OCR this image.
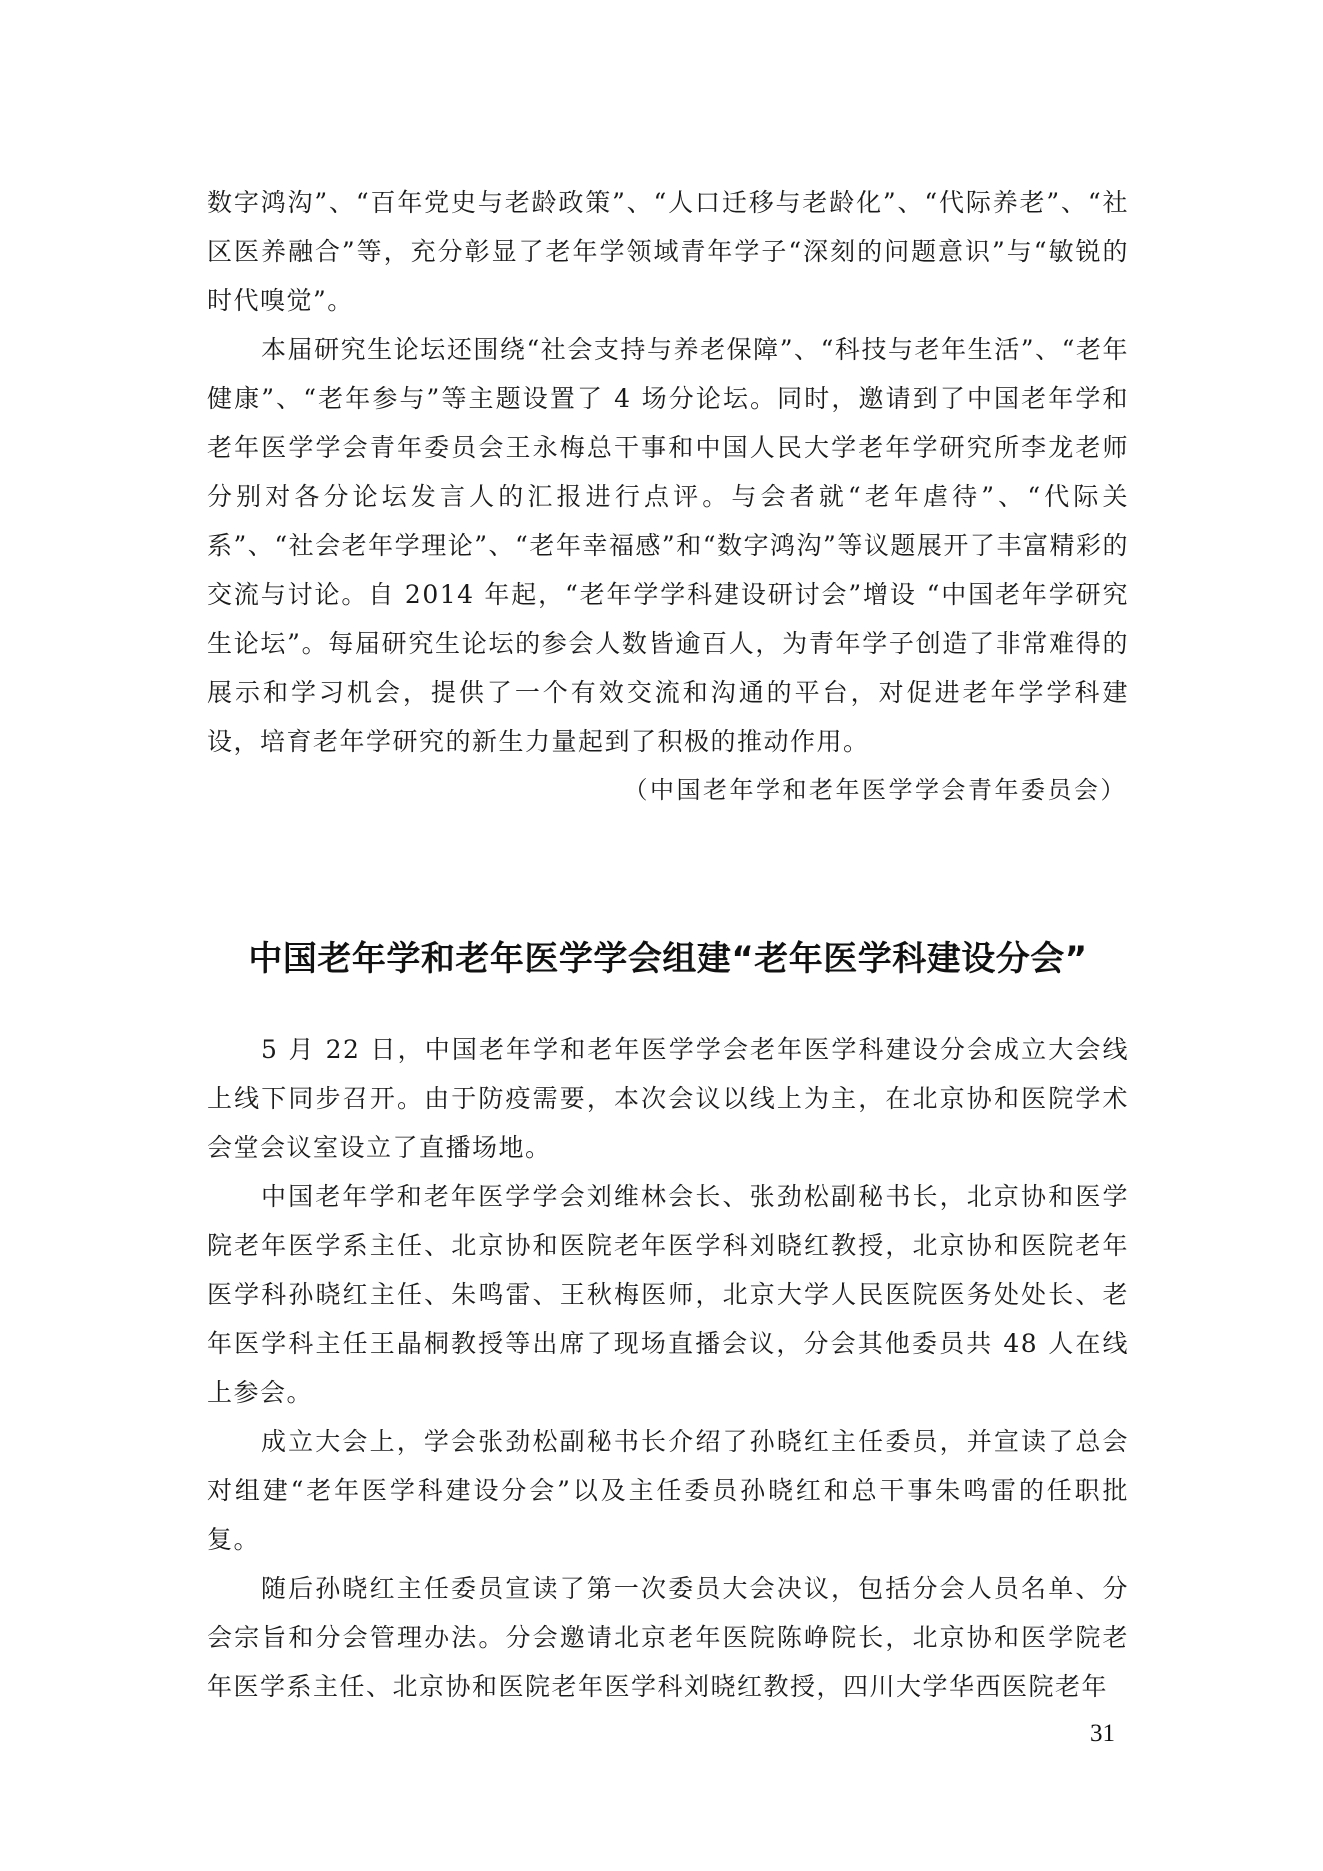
数字鸿沟”、“百年党史与老龄政策”、“人口迁移与老龄化”、“代际养老”、“社区医养融合”等，充分彰显了老年学领域青年学子“深刻的问题意识”与“敏锐的时代嗅觉”。

本届研究生论坛还围绕“社会支持与养老保障”、“科技与老年生活”、“老年健康”、“老年参与”等主题设置了 4 场分论坛。同时，邀请到了中国老年学和老年医学学会青年委员会王永梅总干事和中国人民大学老年学研究所李龙老师分别对各分论坛发言人的汇报进行点评。与会者就“老年虐待”、“代际关系”、“社会老年学理论”、“老年幸福感”和“数字鸿沟”等议题展开了丰富精彩的交流与讨论。自 2014 年起，“老年学学科建设研讨会”增设 “中国老年学研究生论坛”。每届研究生论坛的参会人数皆逾百人，为青年学子创造了非常难得的展示和学习机会，提供了一个有效交流和沟通的平台，对促进老年学学科建设，培育老年学研究的新生力量起到了积极的推动作用。

（中国老年学和老年医学学会青年委员会）

中国老年学和老年医学学会组建“老年医学科建设分会”

5 月 22 日，中国老年学和老年医学学会老年医学科建设分会成立大会线上线下同步召开。由于防疫需要，本次会议以线上为主，在北京协和医院学术会堂会议室设立了直播场地。

中国老年学和老年医学学会刘维林会长、张劲松副秘书长，北京协和医学院老年医学系主任、北京协和医院老年医学科刘晓红教授，北京协和医院老年医学科孙晓红主任、朱鸣雷、王秋梅医师，北京大学人民医院医务处处长、老年医学科主任王晶桐教授等出席了现场直播会议，分会其他委员共 48 人在线上参会。

成立大会上，学会张劲松副秘书长介绍了孙晓红主任委员，并宣读了总会对组建“老年医学科建设分会”以及主任委员孙晓红和总干事朱鸣雷的任职批复。

随后孙晓红主任委员宣读了第一次委员大会决议，包括分会人员名单、分会宗旨和分会管理办法。分会邀请北京老年医院陈峥院长，北京协和医学院老年医学系主任、北京协和医院老年医学科刘晓红教授，四川大学华西医院老年

31
